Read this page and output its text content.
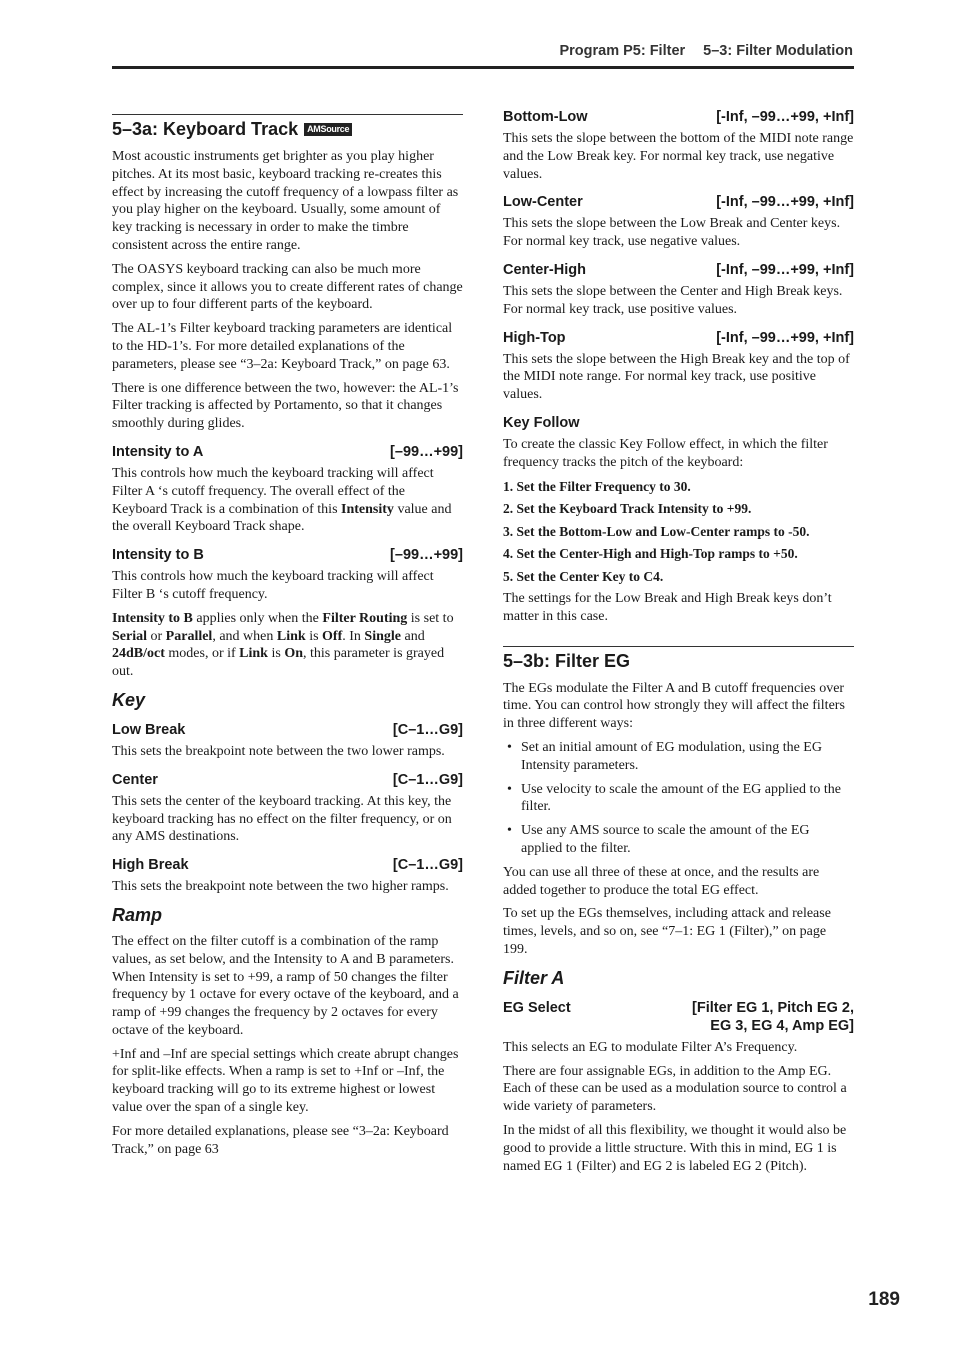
Program P5: Filter 5–3: Filter Modulation
5–3a: Keyboard Track AMSource

Most acoustic instruments get brighter as you play higher pitches. At its most basic, keyboard tracking re-creates this effect by increasing the cutoff frequency of a lowpass filter as you play higher on the keyboard. Usually, some amount of key tracking is necessary in order to make the timbre consistent across the entire range.

The OASYS keyboard tracking can also be much more complex, since it allows you to create different rates of change over up to four different parts of the keyboard.

The AL-1’s Filter keyboard tracking parameters are identical to the HD-1’s. For more detailed explanations of the parameters, please see “3–2a: Keyboard Track,” on page 63.

There is one difference between the two, however: the AL-1’s Filter tracking is affected by Portamento, so that it changes smoothly during glides.

Intensity to A	[–99…+99]

This controls how much the keyboard tracking will affect Filter A ‘s cutoff frequency. The overall effect of the Keyboard Track is a combination of this Intensity value and the overall Keyboard Track shape.

Intensity to B	[–99…+99]

This controls how much the keyboard tracking will affect Filter B ‘s cutoff frequency.

Intensity to B applies only when the Filter Routing is set to Serial or Parallel, and when Link is Off. In Single and 24dB/oct modes, or if Link is On, this parameter is grayed out.

Key
Low Break	[C–1…G9]

This sets the breakpoint note between the two lower ramps.

Center	[C–1…G9]

This sets the center of the keyboard tracking. At this key, the keyboard tracking has no effect on the filter frequency, or on any AMS destinations.

High Break	[C–1…G9]

This sets the breakpoint note between the two higher ramps.

Ramp

The effect on the filter cutoff is a combination of the ramp values, as set below, and the Intensity to A and B parameters. When Intensity is set to +99, a ramp of 50 changes the filter frequency by 1 octave for every octave of the keyboard, and a ramp of +99 changes the frequency by 2 octaves for every octave of the keyboard.

+Inf and –Inf are special settings which create abrupt changes for split-like effects. When a ramp is set to +Inf or –Inf, the keyboard tracking will go to its extreme highest or lowest value over the span of a single key.

For more detailed explanations, please see “3–2a: Keyboard Track,” on page 63

Bottom-Low	[-Inf, –99…+99, +Inf]

This sets the slope between the bottom of the MIDI note range and the Low Break key. For normal key track, use negative values.

Low-Center	[-Inf, –99…+99, +Inf]

This sets the slope between the Low Break and Center keys. For normal key track, use negative values.

Center-High	[-Inf, –99…+99, +Inf]

This sets the slope between the Center and High Break keys. For normal key track, use positive values.

High-Top	[-Inf, –99…+99, +Inf]

This sets the slope between the High Break key and the top of the MIDI note range. For normal key track, use positive values.

Key Follow

To create the classic Key Follow effect, in which the filter frequency tracks the pitch of the keyboard:

1. Set the Filter Frequency to 30.
2. Set the Keyboard Track Intensity to +99.
3. Set the Bottom-Low and Low-Center ramps to -50.
4. Set the Center-High and High-Top ramps to +50.
5. Set the Center Key to C4.

The settings for the Low Break and High Break keys don’t matter in this case.

5–3b: Filter EG

The EGs modulate the Filter A and B cutoff frequencies over time. You can control how strongly they will affect the filters in three different ways:

• Set an initial amount of EG modulation, using the EG Intensity parameters.
• Use velocity to scale the amount of the EG applied to the filter.
• Use any AMS source to scale the amount of the EG applied to the filter.

You can use all three of these at once, and the results are added together to produce the total EG effect.

To set up the EGs themselves, including attack and release times, levels, and so on, see “7–1: EG 1 (Filter),” on page 199.

Filter A
EG Select	[Filter EG 1, Pitch EG 2,
EG 3, EG 4, Amp EG]

This selects an EG to modulate Filter A’s Frequency.

There are four assignable EGs, in addition to the Amp EG. Each of these can be used as a modulation source to control a wide variety of parameters.

In the midst of all this flexibility, we thought it would also be good to provide a little structure. With this in mind, EG 1 is named EG 1 (Filter) and EG 2 is labeled EG 2 (Pitch).

189
